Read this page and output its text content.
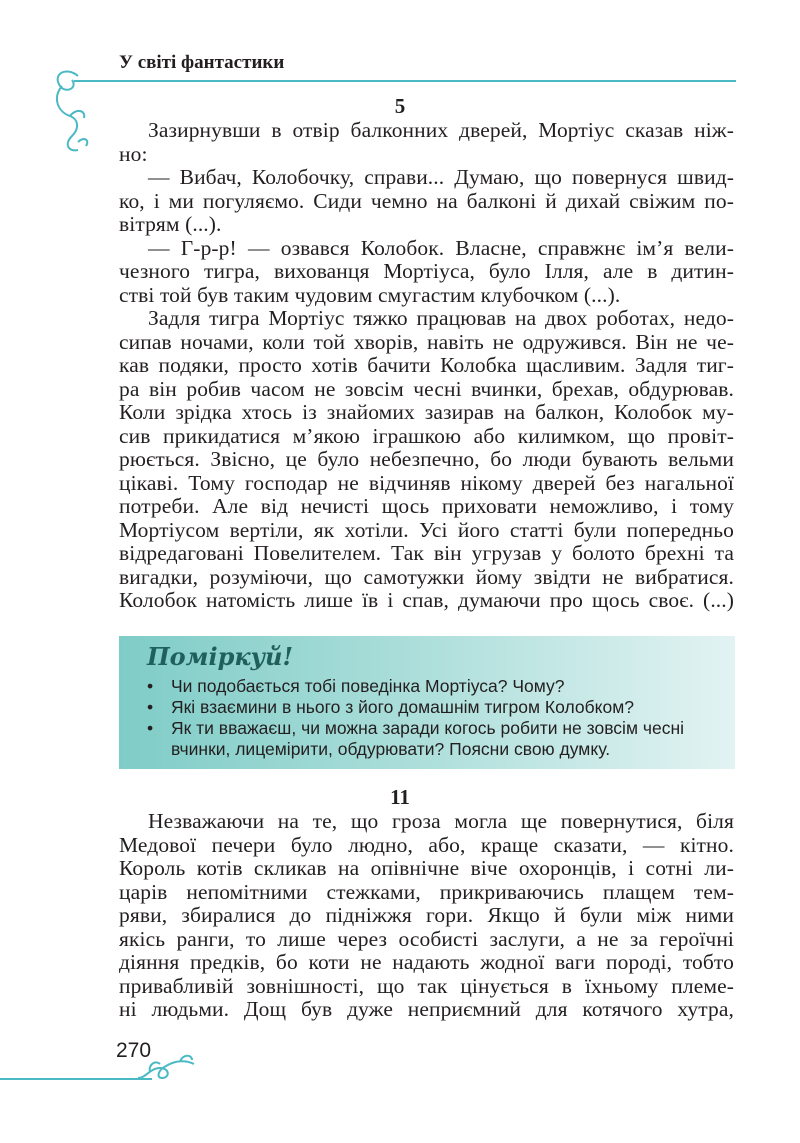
У світі фантастики
5
Зазирнувши в отвір балконних дверей, Мортіус сказав ніж-
но:
— Вибач, Колобочку, справи... Думаю, що повернуся швид-
ко, і ми погуляємо. Сиди чемно на балконі й дихай свіжим по-
вітрям (...).
— Г-р-р! — озвався Колобок. Власне, справжнє ім’я вели-
чезного тигра, вихованця Мортіуса, було Ілля, але в дитин-
стві той був таким чудовим смугастим клубочком (...).
Задля тигра Мортіус тяжко працював на двох роботах, недо-
сипав ночами, коли той хворів, навіть не одружився. Він не че-
кав подяки, просто хотів бачити Колобка щасливим. Задля тиг-
ра він робив часом не зовсім чесні вчинки, брехав, обдурював.
Коли зрідка хтось із знайомих зазирав на балкон, Колобок му-
сив прикидатися м’якою іграшкою або килимком, що провіт-
рюється. Звісно, це було небезпечно, бо люди бувають вельми
цікаві. Тому господар не відчиняв нікому дверей без нагальної
потреби. Але від нечисті щось приховати неможливо, і тому
Мортіусом вертіли, як хотіли. Усі його статті були попередньо
відредаговані Повелителем. Так він угрузав у болото брехні та
вигадки, розуміючи, що самотужки йому звідти не вибратися.
Колобок натомість лише їв і спав, думаючи про щось своє. (...)
Поміркуй!
• Чи подобається тобі поведінка Мортіуса? Чому?
• Які взаємини в нього з його домашнім тигром Колобком?
• Як ти вважаєш, чи можна заради когось робити не зовсім чесні вчинки, лицемірити, обдурювати? Поясни свою думку.
11
Незважаючи на те, що гроза могла ще повернутися, біля
Медової печери було людно, або, краще сказати, — кітно.
Король котів скликав на опівнічне віче охоронців, і сотні ли-
царів непомітними стежками, прикриваючись плащем тем-
ряви, збиралися до підніжжя гори. Якщо й були між ними
якісь ранги, то лише через особисті заслуги, а не за героїчні
діяння предків, бо коти не надають жодної ваги породі, тобто
привабливій зовнішності, що так цінується в їхньому племе-
ні людьми. Дощ був дуже неприємний для котячого хутра,
270
